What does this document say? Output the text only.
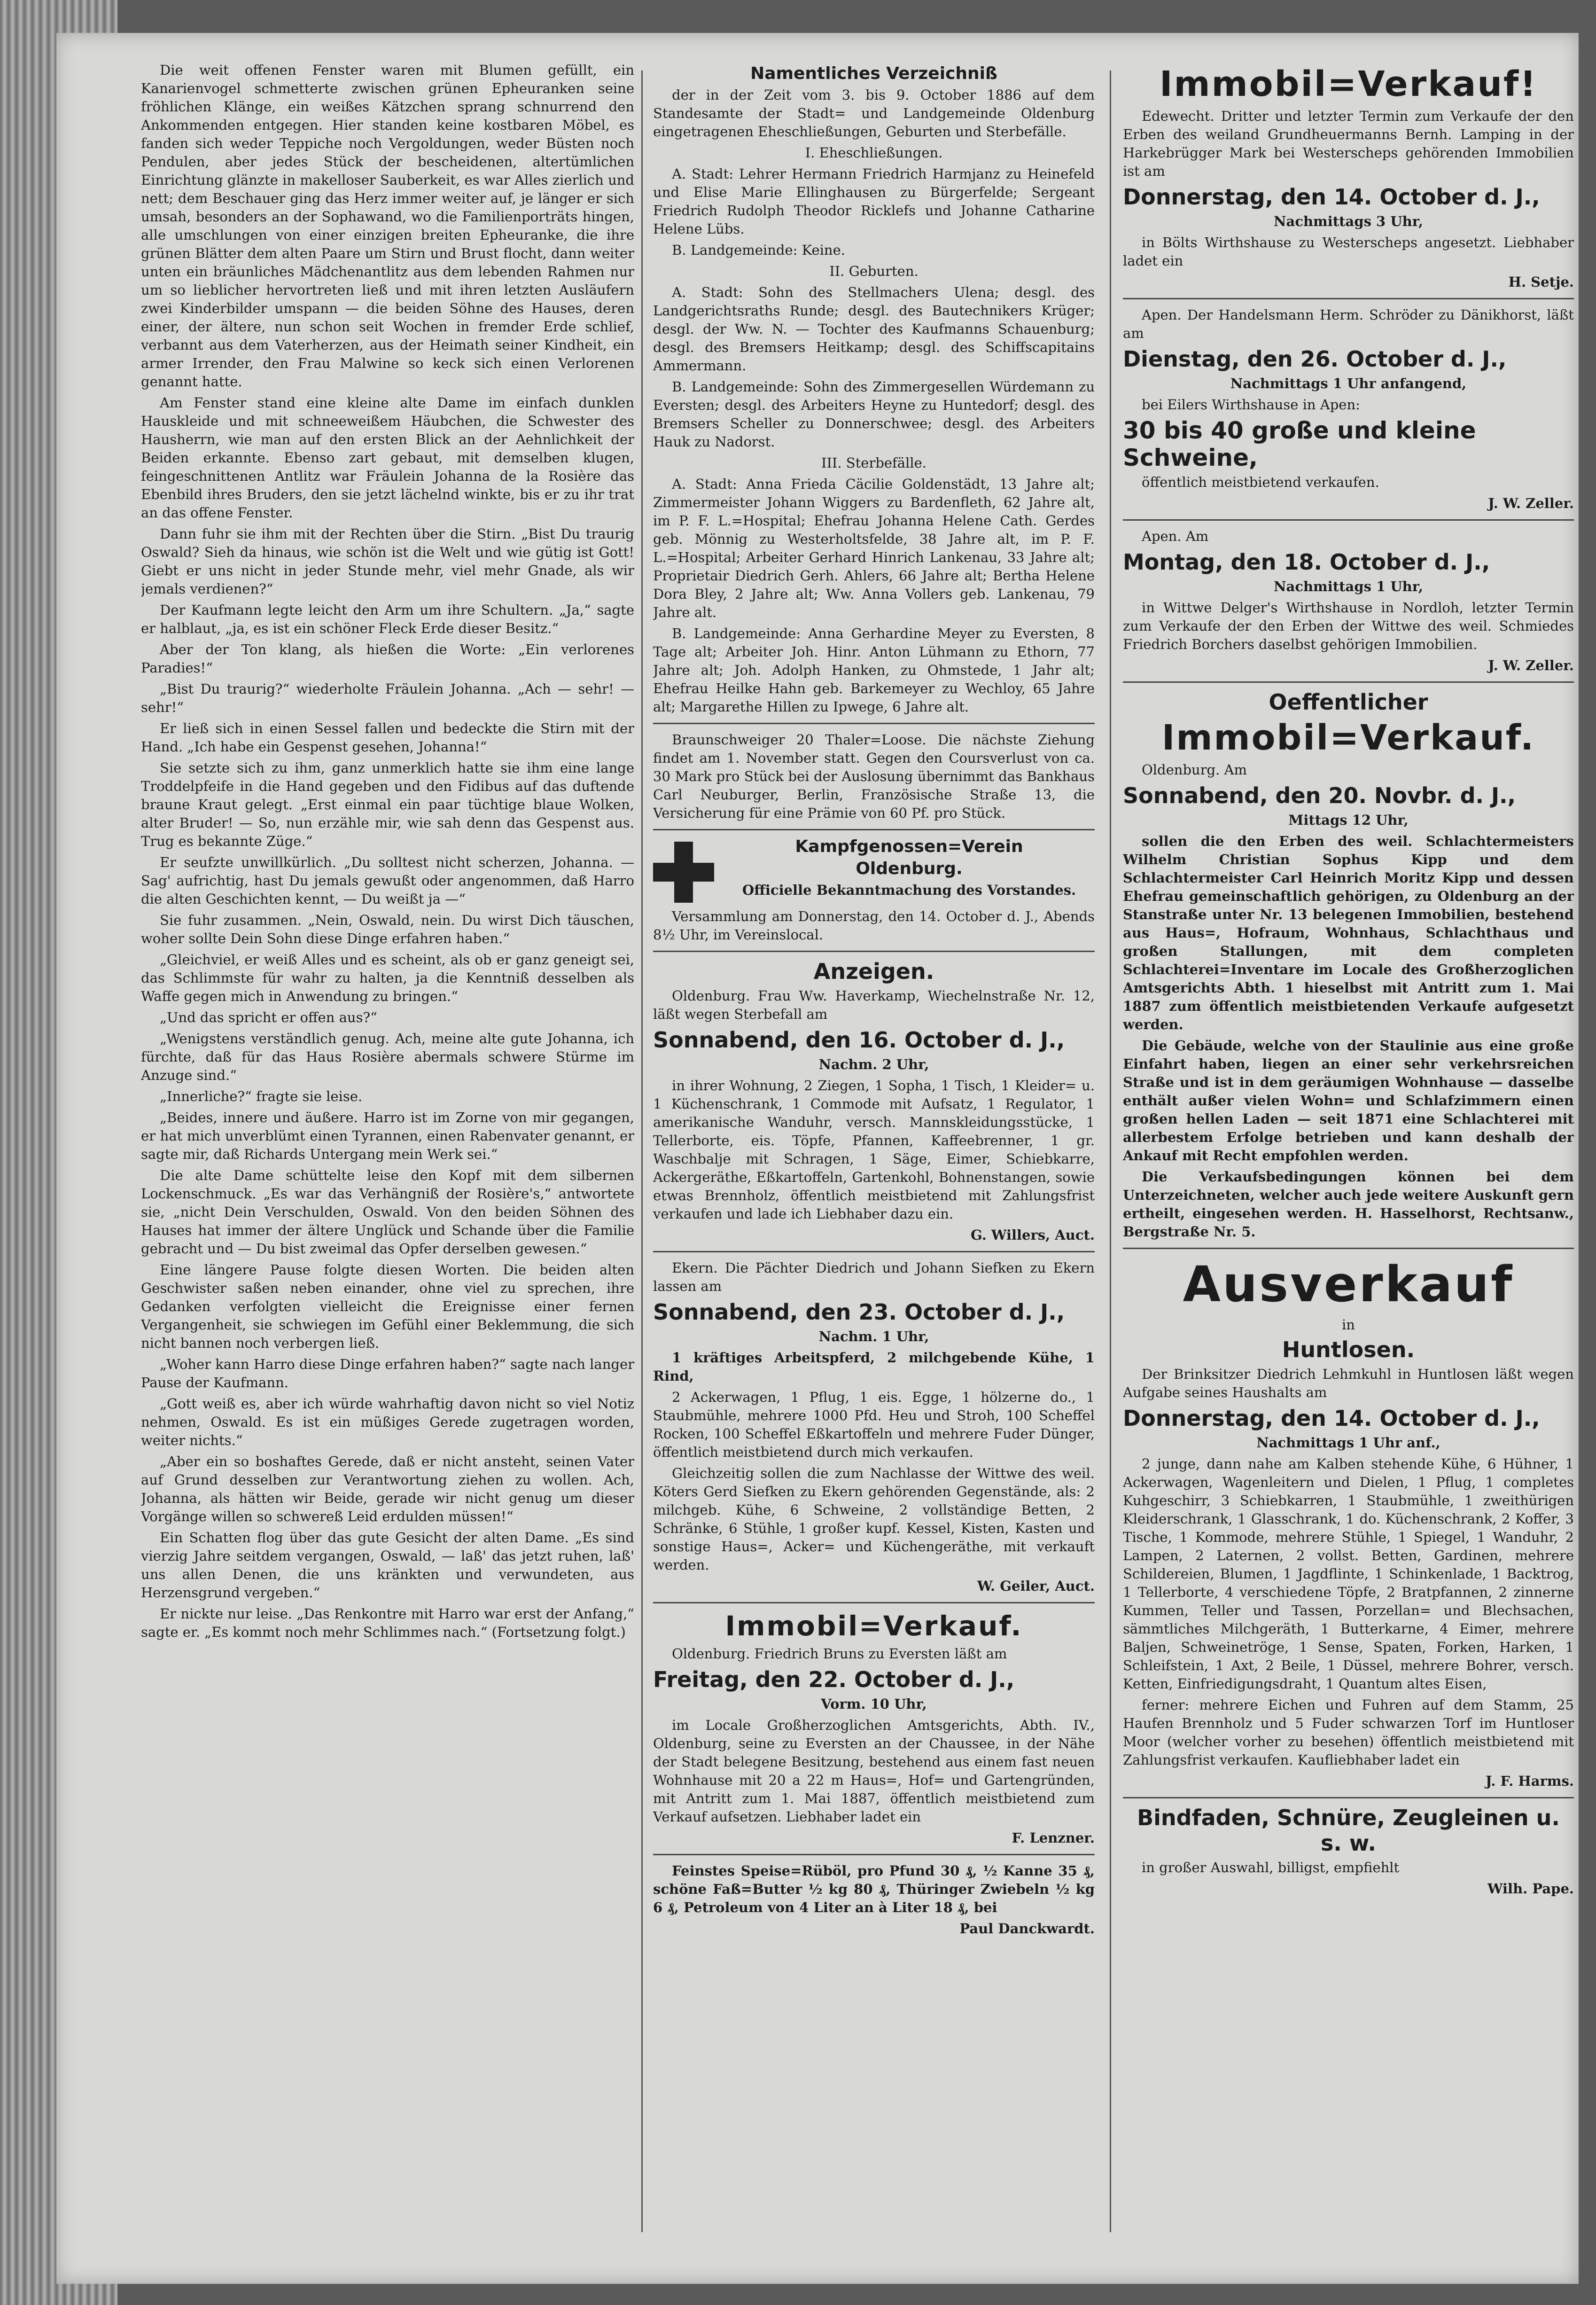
Die weit offenen Fenster waren mit Blumen gefüllt, ein Kanarienvogel schmetterte zwischen grünen Epheuranken seine fröhlichen Klänge, ein weißes Kätzchen sprang schnurrend den Ankommenden entgegen. Hier standen keine kostbaren Möbel, es fanden sich weder Teppiche noch Vergoldungen, weder Büsten noch Pendulen, aber jedes Stück der bescheidenen, altertümlichen Einrichtung glänzte in makelloser Sauberkeit, es war Alles zierlich und nett; dem Beschauer ging das Herz immer weiter auf, je länger er sich umsah, besonders an der Sophawand, wo die Familienporträts hingen, alle umschlungen von einer einzigen breiten Epheuranke, die ihre grünen Blätter dem alten Paare um Stirn und Brust flocht, dann weiter unten ein bräunliches Mädchenantlitz aus dem lebenden Rahmen nur um so lieblicher hervortreten ließ und mit ihren letzten Ausläufern zwei Kinderbilder umspann — die beiden Söhne des Hauses, deren einer, der ältere, nun schon seit Wochen in fremder Erde schlief, verbannt aus dem Vaterherzen, aus der Heimath seiner Kindheit, ein armer Irrender, den Frau Malwine so keck sich einen Verlorenen genannt hatte.

Am Fenster stand eine kleine alte Dame im einfach dunklen Hauskleide und mit schneeweißem Häubchen, die Schwester des Hausherrn, wie man auf den ersten Blick an der Aehnlichkeit der Beiden erkannte. Ebenso zart gebaut, mit demselben klugen, feingeschnittenen Antlitz war Fräulein Johanna de la Rosière das Ebenbild ihres Bruders, den sie jetzt lächelnd winkte, bis er zu ihr trat an das offene Fenster.

Dann fuhr sie ihm mit der Rechten über die Stirn. „Bist Du traurig Oswald? Sieh da hinaus, wie schön ist die Welt und wie gütig ist Gott! Giebt er uns nicht in jeder Stunde mehr, viel mehr Gnade, als wir jemals verdienen?“

Der Kaufmann legte leicht den Arm um ihre Schultern. „Ja,“ sagte er halblaut, „ja, es ist ein schöner Fleck Erde dieser Besitz.“

Aber der Ton klang, als hießen die Worte: „Ein verlorenes Paradies!“

„Bist Du traurig?“ wiederholte Fräulein Johanna. „Ach — sehr! — sehr!“

Er ließ sich in einen Sessel fallen und bedeckte die Stirn mit der Hand. „Ich habe ein Gespenst gesehen, Johanna!“

Sie setzte sich zu ihm, ganz unmerklich hatte sie ihm eine lange Troddelpfeife in die Hand gegeben und den Fidibus auf das duftende braune Kraut gelegt. „Erst einmal ein paar tüchtige blaue Wolken, alter Bruder! — So, nun erzähle mir, wie sah denn das Gespenst aus. Trug es bekannte Züge.“

Er seufzte unwillkürlich. „Du solltest nicht scherzen, Johanna. — Sag' aufrichtig, hast Du jemals gewußt oder angenommen, daß Harro die alten Geschichten kennt, — Du weißt ja —“

Sie fuhr zusammen. „Nein, Oswald, nein. Du wirst Dich täuschen, woher sollte Dein Sohn diese Dinge erfahren haben.“

„Gleichviel, er weiß Alles und es scheint, als ob er ganz geneigt sei, das Schlimmste für wahr zu halten, ja die Kenntniß desselben als Waffe gegen mich in Anwendung zu bringen.“

„Und das spricht er offen aus?“

„Wenigstens verständlich genug. Ach, meine alte gute Johanna, ich fürchte, daß für das Haus Rosière abermals schwere Stürme im Anzuge sind.“

„Innerliche?“ fragte sie leise.

„Beides, innere und äußere. Harro ist im Zorne von mir gegangen, er hat mich unverblümt einen Tyrannen, einen Rabenvater genannt, er sagte mir, daß Richards Untergang mein Werk sei.“

Die alte Dame schüttelte leise den Kopf mit dem silbernen Lockenschmuck. „Es war das Verhängniß der Rosière's,“ antwortete sie, „nicht Dein Verschulden, Oswald. Von den beiden Söhnen des Hauses hat immer der ältere Unglück und Schande über die Familie gebracht und — Du bist zweimal das Opfer derselben gewesen.“

Eine längere Pause folgte diesen Worten. Die beiden alten Geschwister saßen neben einander, ohne viel zu sprechen, ihre Gedanken verfolgten vielleicht die Ereignisse einer fernen Vergangenheit, sie schwiegen im Gefühl einer Beklemmung, die sich nicht bannen noch verbergen ließ.

„Woher kann Harro diese Dinge erfahren haben?“ sagte nach langer Pause der Kaufmann.

„Gott weiß es, aber ich würde wahrhaftig davon nicht so viel Notiz nehmen, Oswald. Es ist ein müßiges Gerede zugetragen worden, weiter nichts.“

„Aber ein so boshaftes Gerede, daß er nicht ansteht, seinen Vater auf Grund desselben zur Verantwortung ziehen zu wollen. Ach, Johanna, als hätten wir Beide, gerade wir nicht genug um dieser Vorgänge willen so schwereß Leid erdulden müssen!“

Ein Schatten flog über das gute Gesicht der alten Dame. „Es sind vierzig Jahre seitdem vergangen, Oswald, — laß' das jetzt ruhen, laß' uns allen Denen, die uns kränkten und verwundeten, aus Herzensgrund vergeben.“

Er nickte nur leise. „Das Renkontre mit Harro war erst der Anfang,“ sagte er. „Es kommt noch mehr Schlimmes nach.“ (Fortsetzung folgt.)

Namentliches Verzeichniß

der in der Zeit vom 3. bis 9. October 1886 auf dem Standesamte der Stadt= und Landgemeinde Oldenburg eingetragenen Eheschließungen, Geburten und Sterbefälle.

I. Eheschließungen.

A. Stadt: Lehrer Hermann Friedrich Harmjanz zu Heinefeld und Elise Marie Ellinghausen zu Bürgerfelde; Sergeant Friedrich Rudolph Theodor Ricklefs und Johanne Catharine Helene Lübs.

B. Landgemeinde: Keine.

II. Geburten.

A. Stadt: Sohn des Stellmachers Ulena; desgl. des Landgerichtsraths Runde; desgl. des Bautechnikers Krüger; desgl. der Ww. N. — Tochter des Kaufmanns Schauenburg; desgl. des Bremsers Heitkamp; desgl. des Schiffscapitains Ammermann.

B. Landgemeinde: Sohn des Zimmergesellen Würdemann zu Eversten; desgl. des Arbeiters Heyne zu Huntedorf; desgl. des Bremsers Scheller zu Donnerschwee; desgl. des Arbeiters Hauk zu Nadorst.

III. Sterbefälle.

A. Stadt: Anna Frieda Cäcilie Goldenstädt, 13 Jahre alt; Zimmermeister Johann Wiggers zu Bardenfleth, 62 Jahre alt, im P. F. L.=Hospital; Ehefrau Johanna Helene Cath. Gerdes geb. Mönnig zu Westerholtsfelde, 38 Jahre alt, im P. F. L.=Hospital; Arbeiter Gerhard Hinrich Lankenau, 33 Jahre alt; Proprietair Diedrich Gerh. Ahlers, 66 Jahre alt; Bertha Helene Dora Bley, 2 Jahre alt; Ww. Anna Vollers geb. Lankenau, 79 Jahre alt.

B. Landgemeinde: Anna Gerhardine Meyer zu Eversten, 8 Tage alt; Arbeiter Joh. Hinr. Anton Lühmann zu Ethorn, 77 Jahre alt; Joh. Adolph Hanken, zu Ohmstede, 1 Jahr alt; Ehefrau Heilke Hahn geb. Barkemeyer zu Wechloy, 65 Jahre alt; Margarethe Hillen zu Ipwege, 6 Jahre alt.

Braunschweiger 20 Thaler=Loose. Die nächste Ziehung findet am 1. November statt. Gegen den Coursverlust von ca. 30 Mark pro Stück bei der Auslosung übernimmt das Bankhaus Carl Neuburger, Berlin, Französische Straße 13, die Versicherung für eine Prämie von 60 Pf. pro Stück.

Kampfgenossen=Verein
Oldenburg.

Officielle Bekanntmachung des Vorstandes.

Versammlung am Donnerstag, den 14. October d. J., Abends 8½ Uhr, im Vereinslocal.

Anzeigen.

Oldenburg. Frau Ww. Haverkamp, Wiechelnstraße Nr. 12, läßt wegen Sterbefall am

Sonnabend, den 16. October d. J.,

Nachm. 2 Uhr,

in ihrer Wohnung, 2 Ziegen, 1 Sopha, 1 Tisch, 1 Kleider= u. 1 Küchenschrank, 1 Commode mit Aufsatz, 1 Regulator, 1 amerikanische Wanduhr, versch. Mannskleidungsstücke, 1 Tellerborte, eis. Töpfe, Pfannen, Kaffeebrenner, 1 gr. Waschbalje mit Schragen, 1 Säge, Eimer, Schiebkarre, Ackergeräthe, Eßkartoffeln, Gartenkohl, Bohnenstangen, sowie etwas Brennholz, öffentlich meistbietend mit Zahlungsfrist verkaufen und lade ich Liebhaber dazu ein.

G. Willers, Auct.

Ekern. Die Pächter Diedrich und Johann Siefken zu Ekern lassen am

Sonnabend, den 23. October d. J.,

Nachm. 1 Uhr,

1 kräftiges Arbeitspferd, 2 milchgebende Kühe, 1 Rind,

2 Ackerwagen, 1 Pflug, 1 eis. Egge, 1 hölzerne do., 1 Staubmühle, mehrere 1000 Pfd. Heu und Stroh, 100 Scheffel Rocken, 100 Scheffel Eßkartoffeln und mehrere Fuder Dünger, öffentlich meistbietend durch mich verkaufen.

Gleichzeitig sollen die zum Nachlasse der Wittwe des weil. Köters Gerd Siefken zu Ekern gehörenden Gegenstände, als: 2 milchgeb. Kühe, 6 Schweine, 2 vollständige Betten, 2 Schränke, 6 Stühle, 1 großer kupf. Kessel, Kisten, Kasten und sonstige Haus=, Acker= und Küchengeräthe, mit verkauft werden.

W. Geiler, Auct.

Immobil=Verkauf.

Oldenburg. Friedrich Bruns zu Eversten läßt am

Freitag, den 22. October d. J.,

Vorm. 10 Uhr,

im Locale Großherzoglichen Amtsgerichts, Abth. IV., Oldenburg, seine zu Eversten an der Chaussee, in der Nähe der Stadt belegene Besitzung, bestehend aus einem fast neuen Wohnhause mit 20 a 22 m Haus=, Hof= und Gartengründen, mit Antritt zum 1. Mai 1887, öffentlich meistbietend zum Verkauf aufsetzen. Liebhaber ladet ein

F. Lenzner.

Feinstes Speise=Rüböl, pro Pfund 30 ₰, ½ Kanne 35 ₰, schöne Faß=Butter ½ kg 80 ₰, Thüringer Zwiebeln ½ kg 6 ₰, Petroleum von 4 Liter an à Liter 18 ₰, bei

Paul Danckwardt.

Immobil=Verkauf!

Edewecht. Dritter und letzter Termin zum Verkaufe der den Erben des weiland Grundheuermanns Bernh. Lamping in der Harkebrügger Mark bei Westerscheps gehörenden Immobilien ist am

Donnerstag, den 14. October d. J.,

Nachmittags 3 Uhr,

in Bölts Wirthshause zu Westerscheps angesetzt. Liebhaber ladet ein

H. Setje.

Apen. Der Handelsmann Herm. Schröder zu Dänikhorst, läßt am

Dienstag, den 26. October d. J.,

Nachmittags 1 Uhr anfangend,

bei Eilers Wirthshause in Apen:

30 bis 40 große und kleine Schweine,

öffentlich meistbietend verkaufen.

J. W. Zeller.

Apen. Am

Montag, den 18. October d. J.,

Nachmittags 1 Uhr,

in Wittwe Delger's Wirthshause in Nordloh, letzter Termin zum Verkaufe der den Erben der Wittwe des weil. Schmiedes Friedrich Borchers daselbst gehörigen Immobilien.

J. W. Zeller.

Oeffentlicher
Immobil=Verkauf.

Oldenburg. Am

Sonnabend, den 20. Novbr. d. J.,

Mittags 12 Uhr,

sollen die den Erben des weil. Schlachtermeisters Wilhelm Christian Sophus Kipp und dem Schlachtermeister Carl Heinrich Moritz Kipp und dessen Ehefrau gemeinschaftlich gehörigen, zu Oldenburg an der Stanstraße unter Nr. 13 belegenen Immobilien, bestehend aus Haus=, Hofraum, Wohnhaus, Schlachthaus und großen Stallungen, mit dem completen Schlachterei=Inventare im Locale des Großherzoglichen Amtsgerichts Abth. 1 hieselbst mit Antritt zum 1. Mai 1887 zum öffentlich meistbietenden Verkaufe aufgesetzt werden.

Die Gebäude, welche von der Staulinie aus eine große Einfahrt haben, liegen an einer sehr verkehrsreichen Straße und ist in dem geräumigen Wohnhause — dasselbe enthält außer vielen Wohn= und Schlafzimmern einen großen hellen Laden — seit 1871 eine Schlachterei mit allerbestem Erfolge betrieben und kann deshalb der Ankauf mit Recht empfohlen werden.

Die Verkaufsbedingungen können bei dem Unterzeichneten, welcher auch jede weitere Auskunft gern ertheilt, eingesehen werden. H. Hasselhorst, Rechtsanw., Bergstraße Nr. 5.

Ausverkauf

in

Huntlosen.

Der Brinksitzer Diedrich Lehmkuhl in Huntlosen läßt wegen Aufgabe seines Haushalts am

Donnerstag, den 14. October d. J.,

Nachmittags 1 Uhr anf.,

2 junge, dann nahe am Kalben stehende Kühe, 6 Hühner, 1 Ackerwagen, Wagenleitern und Dielen, 1 Pflug, 1 completes Kuhgeschirr, 3 Schiebkarren, 1 Staubmühle, 1 zweithürigen Kleiderschrank, 1 Glasschrank, 1 do. Küchenschrank, 2 Koffer, 3 Tische, 1 Kommode, mehrere Stühle, 1 Spiegel, 1 Wanduhr, 2 Lampen, 2 Laternen, 2 vollst. Betten, Gardinen, mehrere Schildereien, Blumen, 1 Jagdflinte, 1 Schinkenlade, 1 Backtrog, 1 Tellerborte, 4 verschiedene Töpfe, 2 Bratpfannen, 2 zinnerne Kummen, Teller und Tassen, Porzellan= und Blechsachen, sämmtliches Milchgeräth, 1 Butterkarne, 4 Eimer, mehrere Baljen, Schweinetröge, 1 Sense, Spaten, Forken, Harken, 1 Schleifstein, 1 Axt, 2 Beile, 1 Düssel, mehrere Bohrer, versch. Ketten, Einfriedigungsdraht, 1 Quantum altes Eisen,

ferner: mehrere Eichen und Fuhren auf dem Stamm, 25 Haufen Brennholz und 5 Fuder schwarzen Torf im Huntloser Moor (welcher vorher zu besehen) öffentlich meistbietend mit Zahlungsfrist verkaufen. Kaufliebhaber ladet ein

J. F. Harms.

Bindfaden, Schnüre, Zeugleinen u. s. w.

in großer Auswahl, billigst, empfiehlt

Wilh. Pape.
